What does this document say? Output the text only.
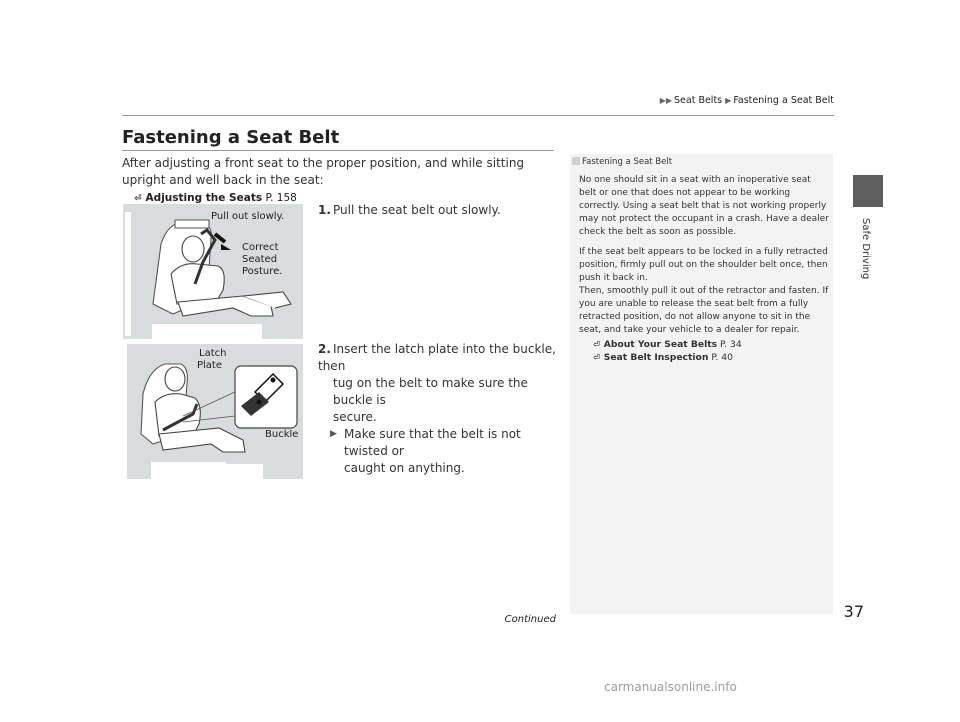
▶▶ Seat Belts ▶ Fastening a Seat Belt
Safe Driving
Fastening a Seat Belt
After adjusting a front seat to the proper position, and while sitting upright and well back in the seat:
⏎ Adjusting the Seats P. 158
Pull out slowly.
Correct
Seated
Posture.
1. Pull the seat belt out slowly.
Latch
Plate
Buckle
2. Insert the latch plate into the buckle, then
tug on the belt to make sure the buckle is
secure.
▶ Make sure that the belt is not twisted or
caught on anything.
Fastening a Seat Belt

No one should sit in a seat with an inoperative seat belt or one that does not appear to be working correctly. Using a seat belt that is not working properly may not protect the occupant in a crash. Have a dealer check the belt as soon as possible.

If the seat belt appears to be locked in a fully retracted position, firmly pull out on the shoulder belt once, then push it back in.

Then, smoothly pull it out of the retractor and fasten. If you are unable to release the seat belt from a fully retracted position, do not allow anyone to sit in the seat, and take your vehicle to a dealer for repair.

⏎ About Your Seat Belts P. 34
⏎ Seat Belt Inspection P. 40
Continued	37
carmanualsonline.info
